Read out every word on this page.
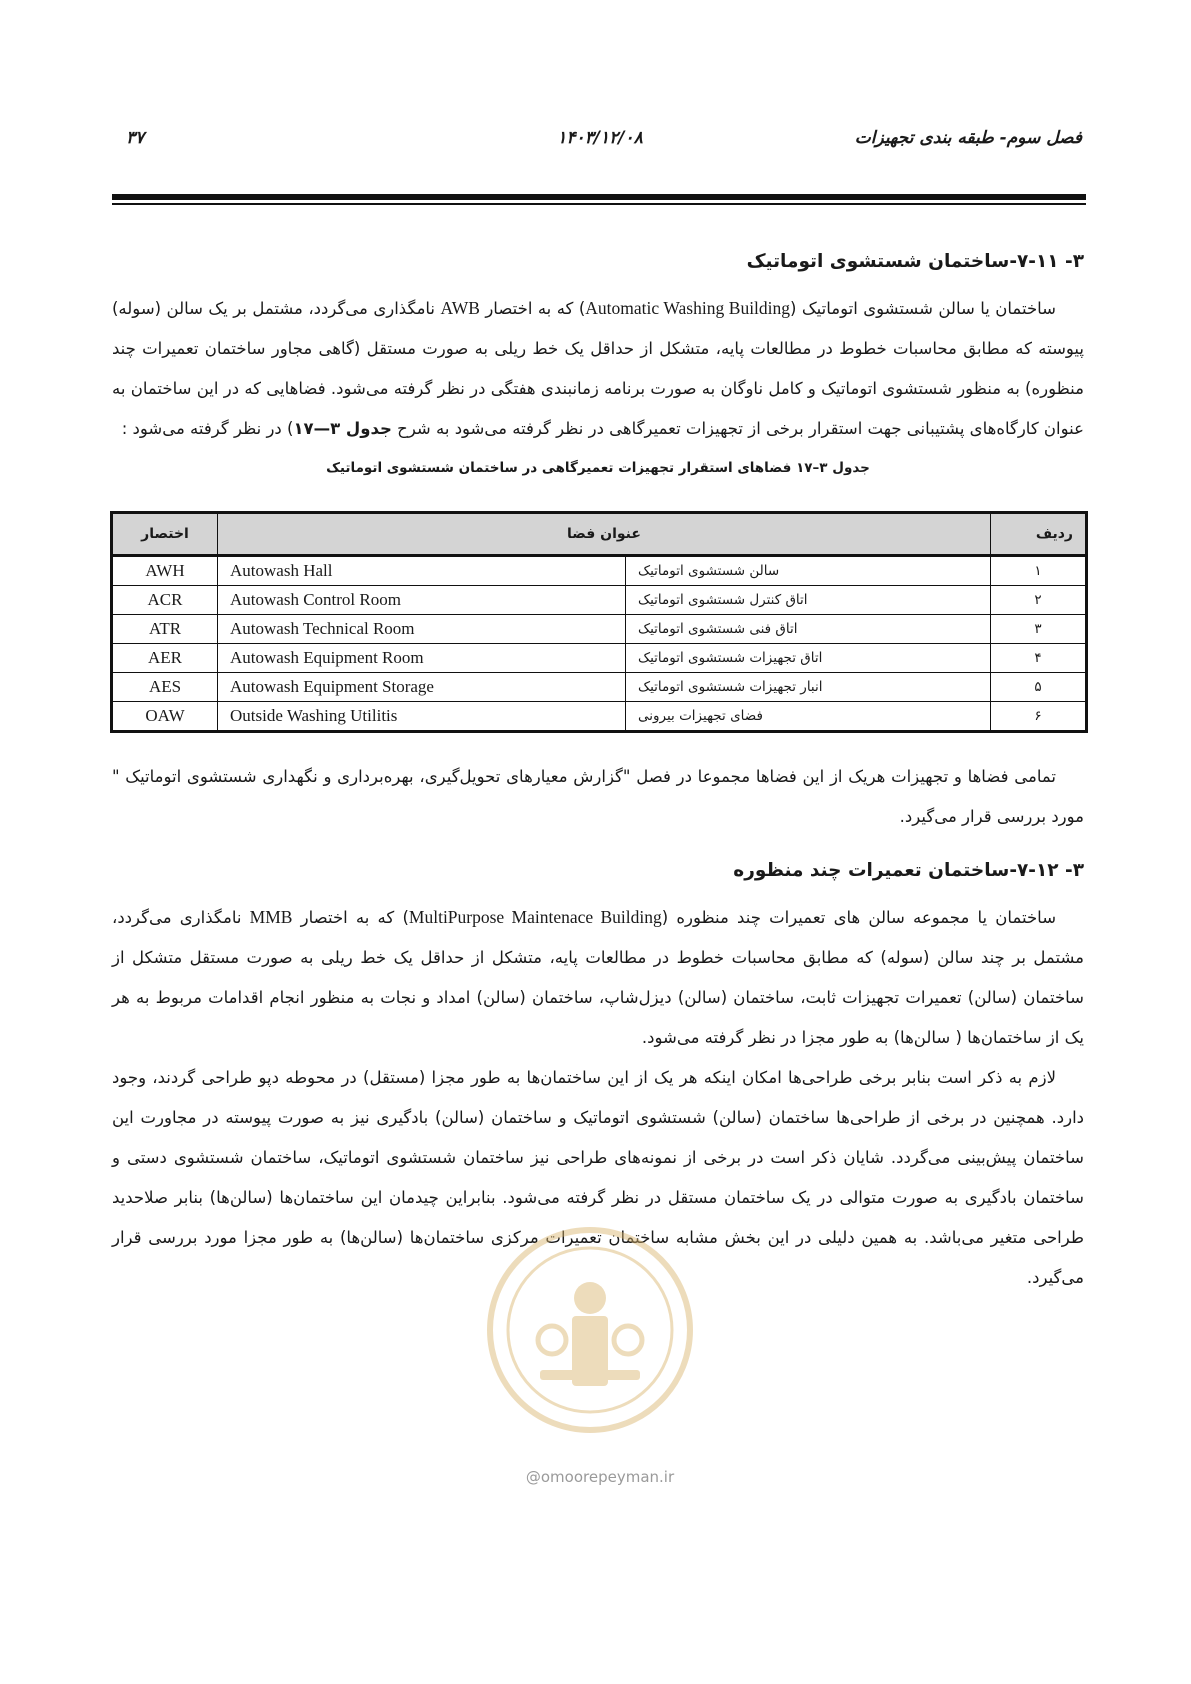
فصل سوم- طبقه بندی تجهیزات
۱۴۰۳/۱۲/۰۸
۳۷
۳- ۷-۱۱-ساختمان شستشوی اتوماتیک

ساختمان یا سالن شستشوی اتوماتیک (Automatic Washing Building) که به اختصار AWB نامگذاری می‌گردد، مشتمل بر یک سالن (سوله) پیوسته که مطابق محاسبات خطوط در مطالعات پایه، متشکل از حداقل یک خط ریلی به صورت مستقل (گاهی مجاور ساختمان تعمیرات چند منظوره) به منظور شستشوی اتوماتیک و کامل ناوگان به صورت برنامه زمانبندی هفتگی در نظر گرفته می‌شود. فضاهایی که در این ساختمان به عنوان کارگاه‌های پشتیبانی جهت استقرار برخی از تجهیزات تعمیرگاهی در نظر گرفته می‌شود به شرح جدول ۳—۱۷) در نظر گرفته می‌شود :

جدول ۳–۱۷ فضاهای استقرار تجهیزات تعمیرگاهی در ساختمان شستشوی اتوماتیک
ردیف	عنوان فضا		اختصار
۱	سالن شستشوی اتوماتیک	Autowash Hall	AWH
۲	اتاق کنترل شستشوی اتوماتیک	Autowash Control Room	ACR
۳	اتاق فنی شستشوی اتوماتیک	Autowash Technical Room	ATR
۴	اتاق تجهیزات شستشوی اتوماتیک	Autowash Equipment Room	AER
۵	انبار تجهیزات شستشوی اتوماتیک	Autowash Equipment Storage	AES
۶	فضای تجهیزات بیرونی	Outside Washing Utilitis	OAW

تمامی فضاها و تجهیزات هریک از این فضاها مجموعا در فصل "گزارش معیارهای تحویل‌گیری، بهره‌برداری و نگهداری شستشوی اتوماتیک " مورد بررسی قرار می‌گیرد.

۳- ۷-۱۲-ساختمان تعمیرات چند منظوره

ساختمان یا مجموعه سالن های تعمیرات چند منظوره (MultiPurpose Maintenace Building) که به اختصار MMB نامگذاری می‌گردد، مشتمل بر چند سالن (سوله) که مطابق محاسبات خطوط در مطالعات پایه، متشکل از حداقل یک خط ریلی به صورت مستقل متشکل از ساختمان (سالن) تعمیرات تجهیزات ثابت، ساختمان (سالن) دیزل‌شاپ، ساختمان (سالن) امداد و نجات به منظور انجام اقدامات مربوط به هر یک از ساختمان‌ها ( سالن‌ها) به طور مجزا در نظر گرفته می‌شود.

لازم به ذکر است بنابر برخی طراحی‌ها امکان اینکه هر یک از این ساختمان‌ها به طور مجزا (مستقل) در محوطه دپو طراحی گردند، وجود دارد. همچنین در برخی از طراحی‌ها ساختمان (سالن) شستشوی اتوماتیک و ساختمان (سالن) بادگیری نیز به صورت پیوسته در مجاورت این ساختمان پیش‌بینی می‌گردد. شایان ذکر است در برخی از نمونه‌های طراحی نیز ساختمان شستشوی اتوماتیک، ساختمان شستشوی دستی و ساختمان بادگیری به صورت متوالی در یک ساختمان مستقل در نظر گرفته می‌شود. بنابراین چیدمان این ساختمان‌ها (سالن‌ها) بنابر صلاحدید طراحی متغیر می‌باشد. به همین دلیلی در این بخش مشابه ساختمان تعمیرات مرکزی ساختمان‌ها (سالن‌ها) به طور مجزا مورد بررسی قرار می‌گیرد.

@omoorepeyman.ir
